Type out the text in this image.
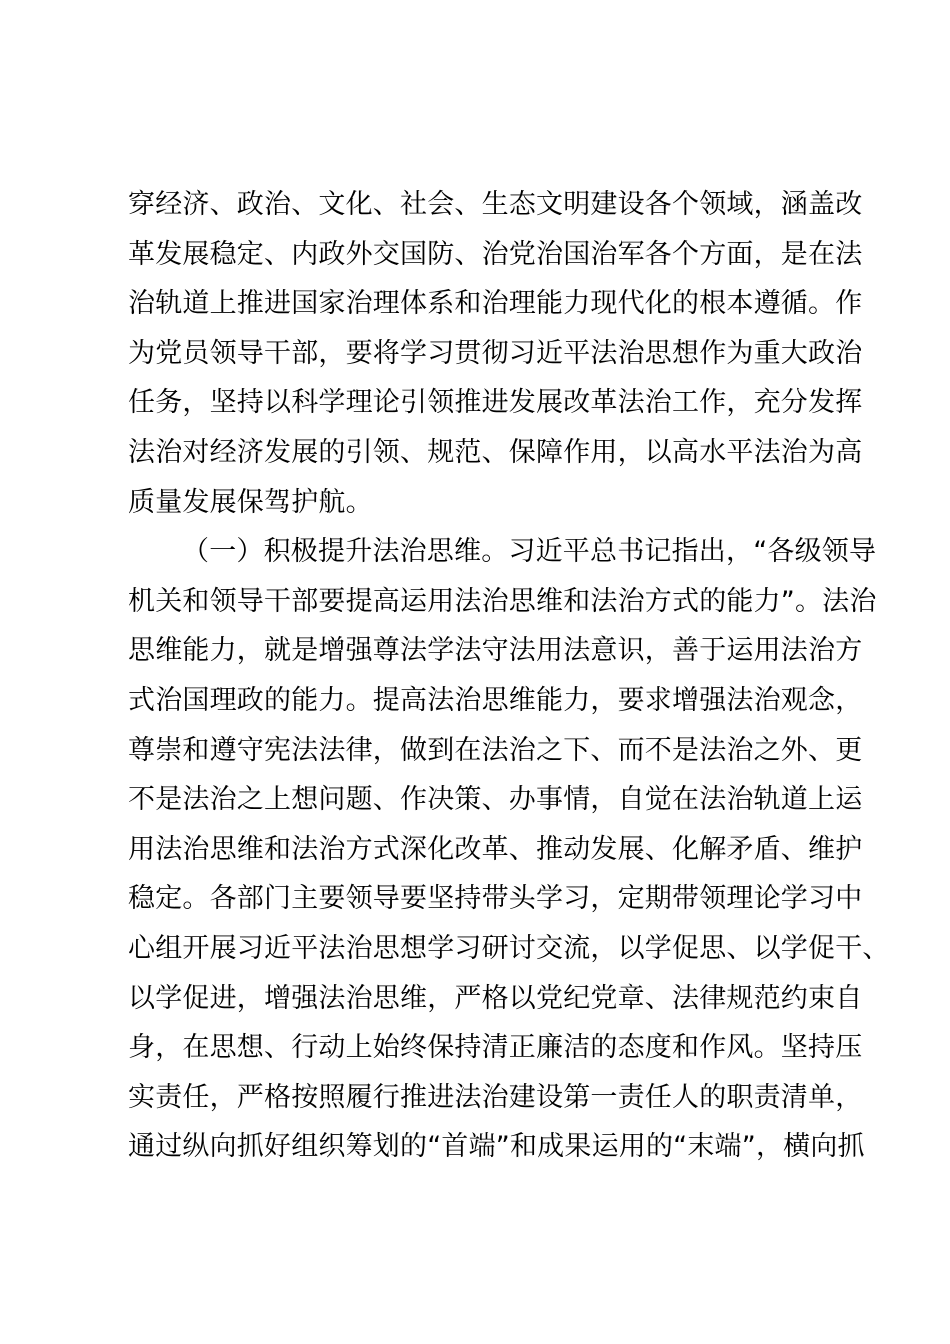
穿经济、政治、文化、社会、生态文明建设各个领域，涵盖改
革发展稳定、内政外交国防、治党治国治军各个方面，是在法
治轨道上推进国家治理体系和治理能力现代化的根本遵循。作
为党员领导干部，要将学习贯彻习近平法治思想作为重大政治
任务，坚持以科学理论引领推进发展改革法治工作，充分发挥
法治对经济发展的引领、规范、保障作用，以高水平法治为高
质量发展保驾护航。
（一）积极提升法治思维。习近平总书记指出，“各级领导
机关和领导干部要提高运用法治思维和法治方式的能力”。法治
思维能力，就是增强尊法学法守法用法意识，善于运用法治方
式治国理政的能力。提高法治思维能力，要求增强法治观念，
尊崇和遵守宪法法律，做到在法治之下、而不是法治之外、更
不是法治之上想问题、作决策、办事情，自觉在法治轨道上运
用法治思维和法治方式深化改革、推动发展、化解矛盾、维护
稳定。各部门主要领导要坚持带头学习，定期带领理论学习中
心组开展习近平法治思想学习研讨交流，以学促思、以学促干、
以学促进，增强法治思维，严格以党纪党章、法律规范约束自
身，在思想、行动上始终保持清正廉洁的态度和作风。坚持压
实责任，严格按照履行推进法治建设第一责任人的职责清单，
通过纵向抓好组织筹划的“首端”和成果运用的“末端”，横向抓
